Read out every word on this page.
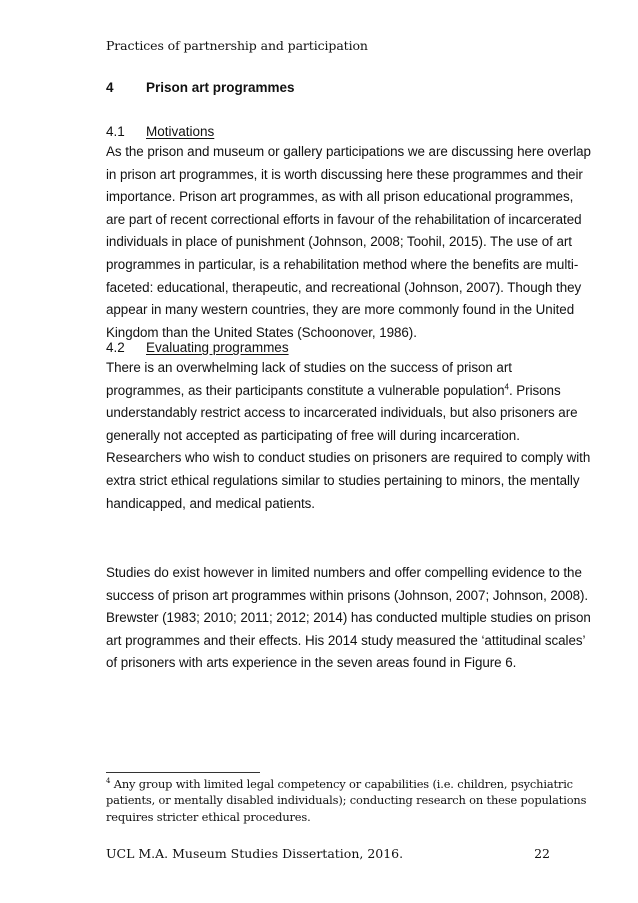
Practices of partnership and participation
4 Prison art programmes
4.1 Motivations

As the prison and museum or gallery participations we are discussing here overlap
in prison art programmes, it is worth discussing here these programmes and their
importance. Prison art programmes, as with all prison educational programmes,
are part of recent correctional efforts in favour of the rehabilitation of incarcerated
individuals in place of punishment (Johnson, 2008; Toohil, 2015). The use of art
programmes in particular, is a rehabilitation method where the benefits are multi-
faceted: educational, therapeutic, and recreational (Johnson, 2007). Though they
appear in many western countries, they are more commonly found in the United
Kingdom than the United States (Schoonover, 1986).

4.2 Evaluating programmes

There is an overwhelming lack of studies on the success of prison art
programmes, as their participants constitute a vulnerable population$^4$. Prisons
understandably restrict access to incarcerated individuals, but also prisoners are
generally not accepted as participating of free will during incarceration.
Researchers who wish to conduct studies on prisoners are required to comply with
extra strict ethical regulations similar to studies pertaining to minors, the mentally
handicapped, and medical patients.

Studies do exist however in limited numbers and offer compelling evidence to the
success of prison art programmes within prisons (Johnson, 2007; Johnson, 2008).
Brewster (1983; 2010; 2011; 2012; 2014) has conducted multiple studies on prison
art programmes and their effects. His 2014 study measured the ‘attitudinal scales’
of prisoners with arts experience in the seven areas found in Figure 6.

$^4$ Any group with limited legal competency or capabilities (i.e. children, psychiatric
patients, or mentally disabled individuals); conducting research on these populations
requires stricter ethical procedures.
UCL M.A. Museum Studies Dissertation, 2016.	22
